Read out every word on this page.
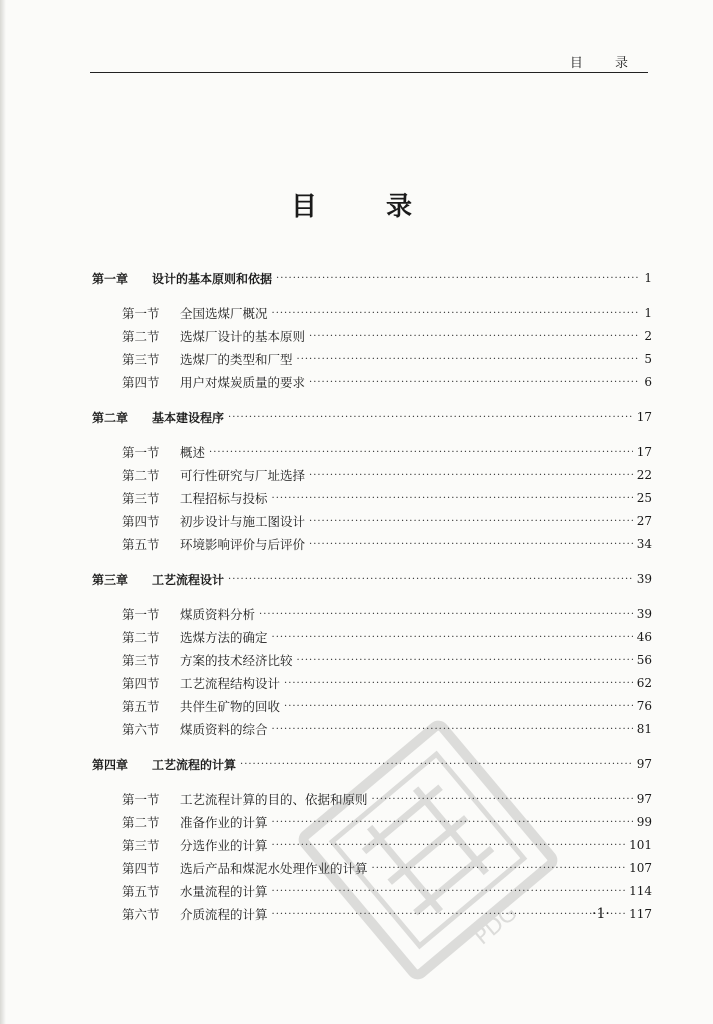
目 录
目 录
第一章	设计的基本原则和依据 ·····	1
第一节	全国选煤厂概况 ·····	1
第二节	选煤厂设计的基本原则 ·····	2
第三节	选煤厂的类型和厂型 ·····	5
第四节	用户对煤炭质量的要求 ·····	6
第二章	基本建设程序 ·····	17
第一节	概述 ·····	17
第二节	可行性研究与厂址选择 ·····	22
第三节	工程招标与投标 ·····	25
第四节	初步设计与施工图设计 ·····	27
第五节	环境影响评价与后评价 ·····	34
第三章	工艺流程设计 ·····	39
第一节	煤质资料分析 ·····	39
第二节	选煤方法的确定 ·····	46
第三节	方案的技术经济比较 ·····	56
第四节	工艺流程结构设计 ·····	62
第五节	共伴生矿物的回收 ·····	76
第六节	煤质资料的综合 ·····	81
第四章	工艺流程的计算 ·····	97
第一节	工艺流程计算的目的、依据和原则 ·····	97
第二节	准备作业的计算 ·····	99
第三节	分选作业的计算 ·····	101
第四节	选后产品和煤泥水处理作业的计算 ·····	107
第五节	水量流程的计算 ·····	114
第六节	介质流程的计算 ·····	117
·1·
PDG
